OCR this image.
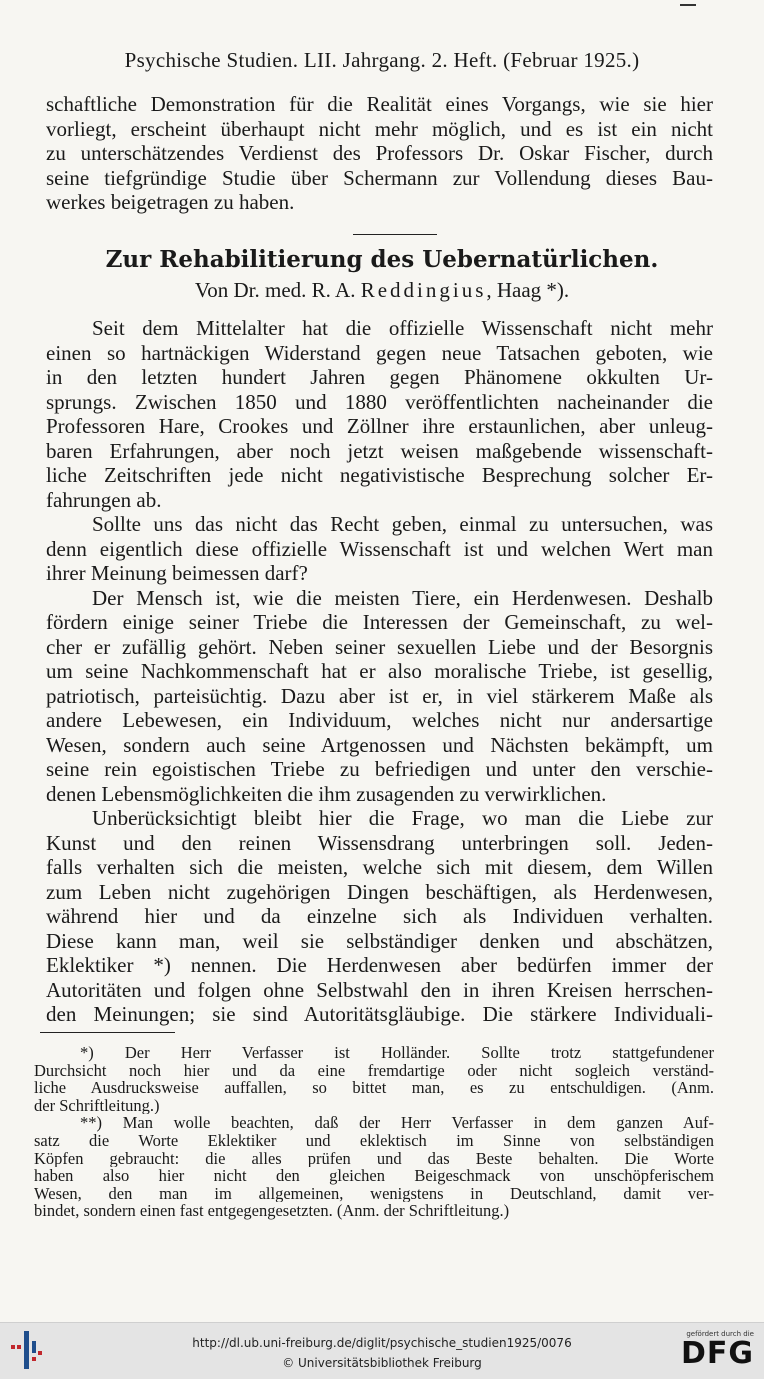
Psychische Studien. LII. Jahrgang. 2. Heft. (Februar 1925.)
schaftliche Demonstration für die Realität eines Vorgangs, wie sie hier
vorliegt, erscheint überhaupt nicht mehr möglich, und es ist ein nicht
zu unterschätzendes Verdienst des Professors Dr. Oskar Fischer, durch
seine tiefgründige Studie über Schermann zur Vollendung dieses Bau-
werkes beigetragen zu haben.
Zur Rehabilitierung des Uebernatürlichen.
Von Dr. med. R. A. Reddingius, Haag *).
Seit dem Mittelalter hat die offizielle Wissenschaft nicht mehr
einen so hartnäckigen Widerstand gegen neue Tatsachen geboten, wie
in den letzten hundert Jahren gegen Phänomene okkulten Ur-
sprungs. Zwischen 1850 und 1880 veröffentlichten nacheinander die
Professoren Hare, Crookes und Zöllner ihre erstaunlichen, aber unleug-
baren Erfahrungen, aber noch jetzt weisen maßgebende wissenschaft-
liche Zeitschriften jede nicht negativistische Besprechung solcher Er-
fahrungen ab.
Sollte uns das nicht das Recht geben, einmal zu untersuchen, was
denn eigentlich diese offizielle Wissenschaft ist und welchen Wert man
ihrer Meinung beimessen darf?
Der Mensch ist, wie die meisten Tiere, ein Herdenwesen. Deshalb
fördern einige seiner Triebe die Interessen der Gemeinschaft, zu wel-
cher er zufällig gehört. Neben seiner sexuellen Liebe und der Besorgnis
um seine Nachkommenschaft hat er also moralische Triebe, ist gesellig,
patriotisch, parteisüchtig. Dazu aber ist er, in viel stärkerem Maße als
andere Lebewesen, ein Individuum, welches nicht nur andersartige
Wesen, sondern auch seine Artgenossen und Nächsten bekämpft, um
seine rein egoistischen Triebe zu befriedigen und unter den verschie-
denen Lebensmöglichkeiten die ihm zusagenden zu verwirklichen.
Unberücksichtigt bleibt hier die Frage, wo man die Liebe zur
Kunst und den reinen Wissensdrang unterbringen soll. Jeden-
falls verhalten sich die meisten, welche sich mit diesem, dem Willen
zum Leben nicht zugehörigen Dingen beschäftigen, als Herdenwesen,
während hier und da einzelne sich als Individuen verhalten.
Diese kann man, weil sie selbständiger denken und abschätzen,
Eklektiker *) nennen. Die Herdenwesen aber bedürfen immer der
Autoritäten und folgen ohne Selbstwahl den in ihren Kreisen herrschen-
den Meinungen; sie sind Autoritätsgläubige. Die stärkere Individuali-
*) Der Herr Verfasser ist Holländer. Sollte trotz stattgefundener
Durchsicht noch hier und da eine fremdartige oder nicht sogleich verständ-
liche Ausdrucksweise auffallen, so bittet man, es zu entschuldigen. (Anm.
der Schriftleitung.)
**) Man wolle beachten, daß der Herr Verfasser in dem ganzen Auf-
satz die Worte Eklektiker und eklektisch im Sinne von selbständigen
Köpfen gebraucht: die alles prüfen und das Beste behalten. Die Worte
haben also hier nicht den gleichen Beigeschmack von unschöpferischem
Wesen, den man im allgemeinen, wenigstens in Deutschland, damit ver-
bindet, sondern einen fast entgegengesetzten. (Anm. der Schriftleitung.)
http://dl.ub.uni-freiburg.de/diglit/psychische_studien1925/0076
© Universitätsbibliothek Freiburg
gefördert durch die
DFG
